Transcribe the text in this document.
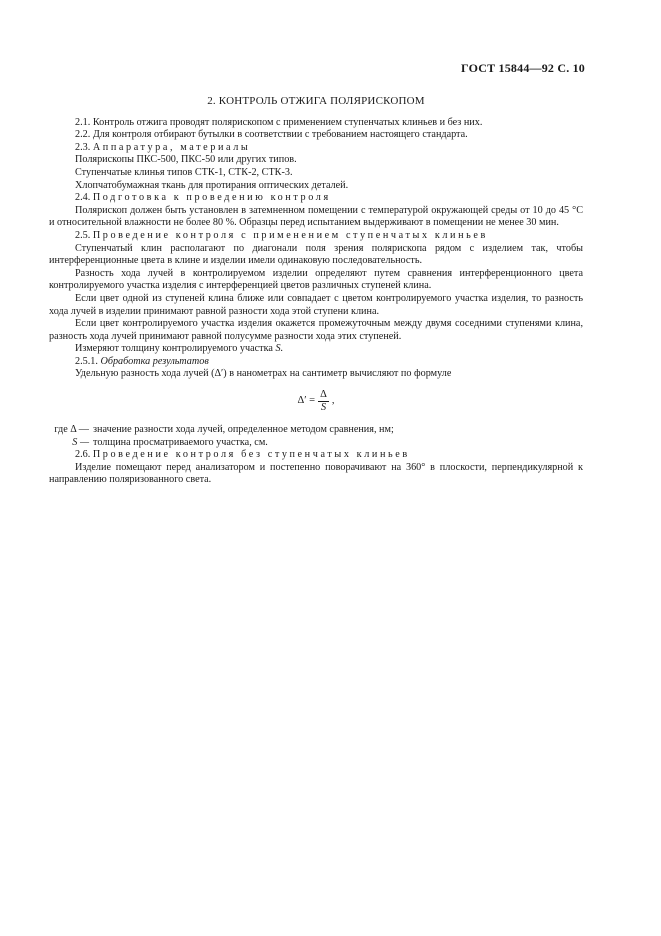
ГОСТ 15844—92 С. 10
2. КОНТРОЛЬ ОТЖИГА ПОЛЯРИСКОПОМ

2.1. Контроль отжига проводят полярископом с применением ступенчатых клиньев и без них.

2.2. Для контроля отбирают бутылки в соответствии с требованием настоящего стандарта.

2.3. Аппаратура, материалы

Полярископы ПКС-500, ПКС-50 или других типов.

Ступенчатые клинья типов СТК-1, СТК-2, СТК-3.

Хлопчатобумажная ткань для протирания оптических деталей.

2.4. Подготовка к проведению контроля

Полярископ должен быть установлен в затемненном помещении с температурой окружающей среды от 10 до 45 °С и относительной влажности не более 80 %. Образцы перед испытанием выдерживают в помещении не менее 30 мин.

2.5. Проведение контроля с применением ступенчатых клиньев

Ступенчатый клин располагают по диагонали поля зрения полярископа рядом с изделием так, чтобы интерференционные цвета в клине и изделии имели одинаковую последовательность.

Разность хода лучей в контролируемом изделии определяют путем сравнения интерференционного цвета контролируемого участка изделия с интерференцией цветов различных ступеней клина.

Если цвет одной из ступеней клина ближе или совпадает с цветом контролируемого участка изделия, то разность хода лучей в изделии принимают равной разности хода этой ступени клина.

Если цвет контролируемого участка изделия окажется промежуточным между двумя соседними ступенями клина, разность хода лучей принимают равной полусумме разности хода этих ступеней.

Измеряют толщину контролируемого участка S.

2.5.1. Обработка результатов

Удельную разность хода лучей (Δ′) в нанометрах на сантиметр вычисляют по формуле

$\Delta' = \frac{\Delta}{S}$ ,
где Δ — значение разности хода лучей, определенное методом сравнения, нм;
S — толщина просматриваемого участка, см.

2.6. Проведение контроля без ступенчатых клиньев

Изделие помещают перед анализатором и постепенно поворачивают на 360° в плоскости, перпендикулярной к направлению поляризованного света.
